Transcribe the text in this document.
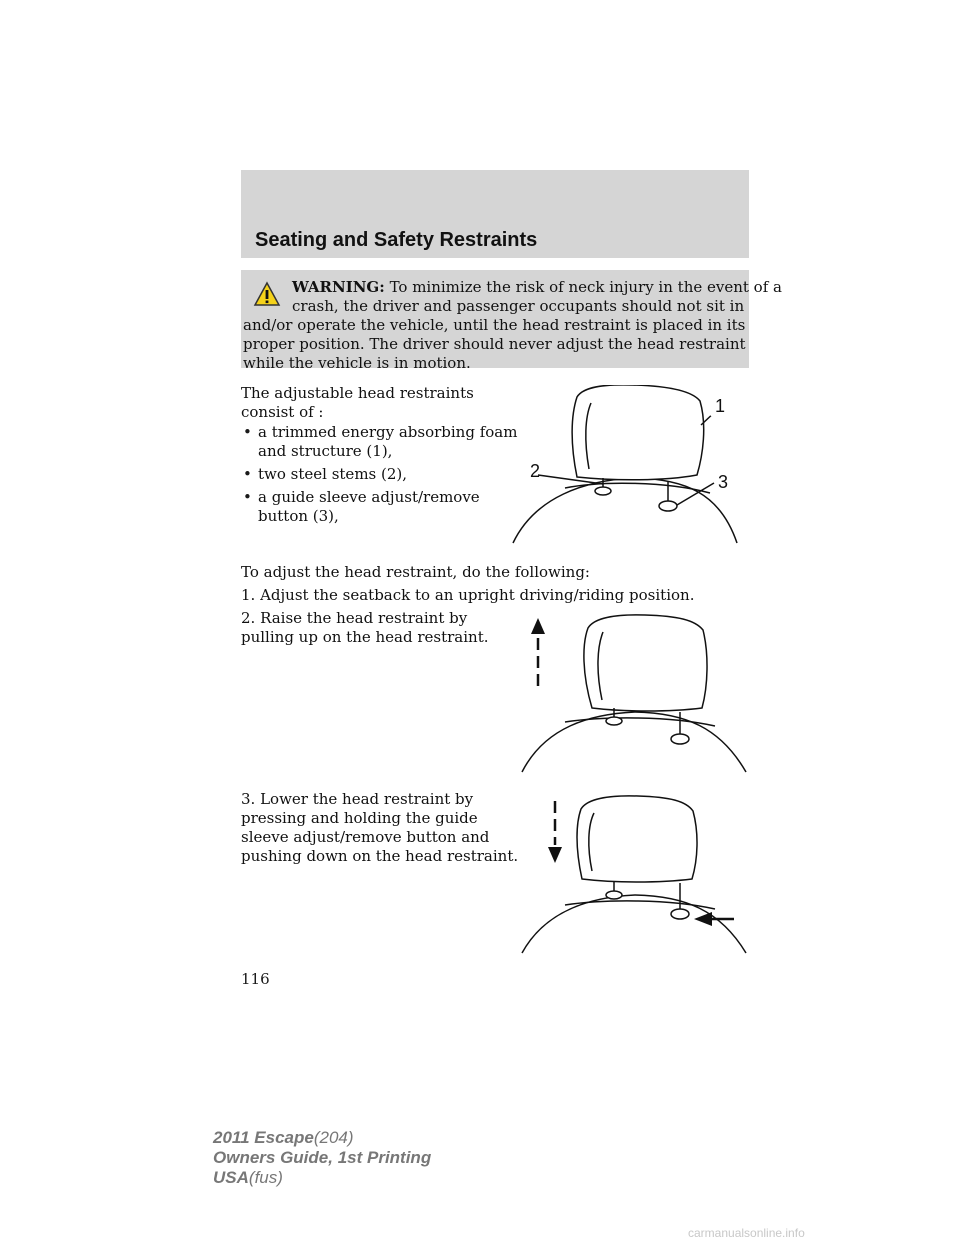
Seating and Safety Restraints
WARNING: To minimize the risk of neck injury in the event of a
crash, the driver and passenger occupants should not sit in
and/or operate the vehicle, until the head restraint is placed in its
proper position. The driver should never adjust the head restraint
while the vehicle is in motion.
The adjustable head restraints
consist of :
• a trimmed energy absorbing foam
and structure (1),
• two steel stems (2),
• a guide sleeve adjust/remove
button (3),
1
2
3
To adjust the head restraint, do the following:
1. Adjust the seatback to an upright driving/riding position.
2. Raise the head restraint by
pulling up on the head restraint.
3. Lower the head restraint by
pressing and holding the guide
sleeve adjust/remove button and
pushing down on the head restraint.
116
2011 Escape(204)
Owners Guide, 1st Printing
USA(fus)
carmanualsonline.info
